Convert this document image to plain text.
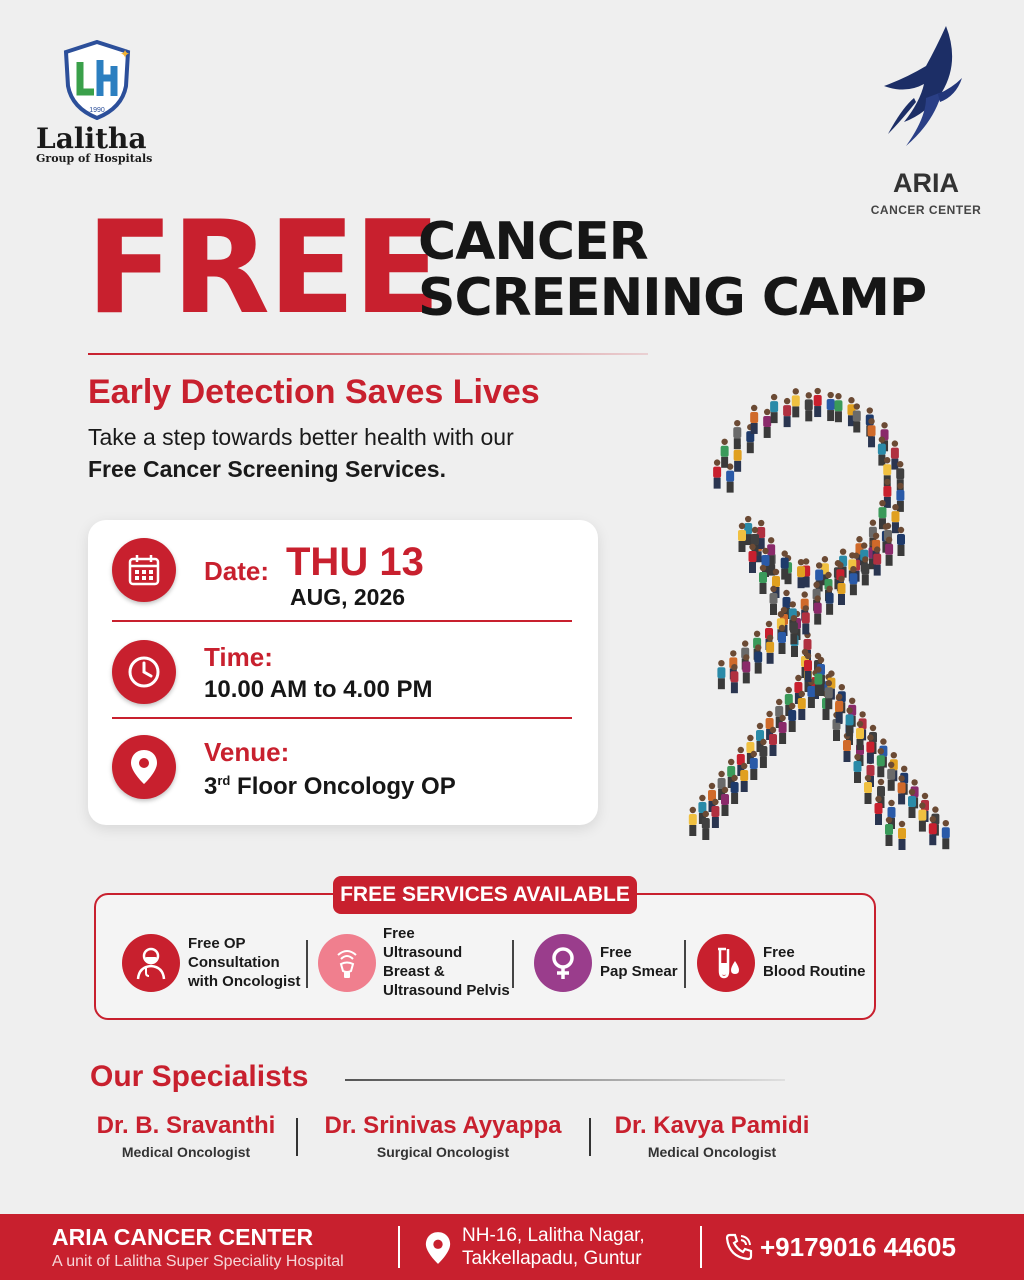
✦
1990
Lalitha
Group of Hospitals
ARIA
CANCER CENTER
FREE
CANCER
SCREENING CAMP
Early Detection Saves Lives
Take a step towards better health with our
Free Cancer Screening Services.
Date: THU 13
AUG, 2026
Time:
10.00 AM to 4.00 PM
Venue:
3rd Floor Oncology OP
FREE SERVICES AVAILABLE
Free OP
Consultation
with Oncologist
Free
Ultrasound
Breast &
Ultrasound Pelvis
Free
Pap Smear
Free
Blood Routine
Our Specialists
Dr. B. Sravanthi
Medical Oncologist
Dr. Srinivas Ayyappa
Surgical Oncologist
Dr. Kavya Pamidi
Medical Oncologist
ARIA CANCER CENTER
A unit of Lalitha Super Speciality Hospital
NH-16, Lalitha Nagar,
Takkellapadu, Guntur	+9179016 44605
